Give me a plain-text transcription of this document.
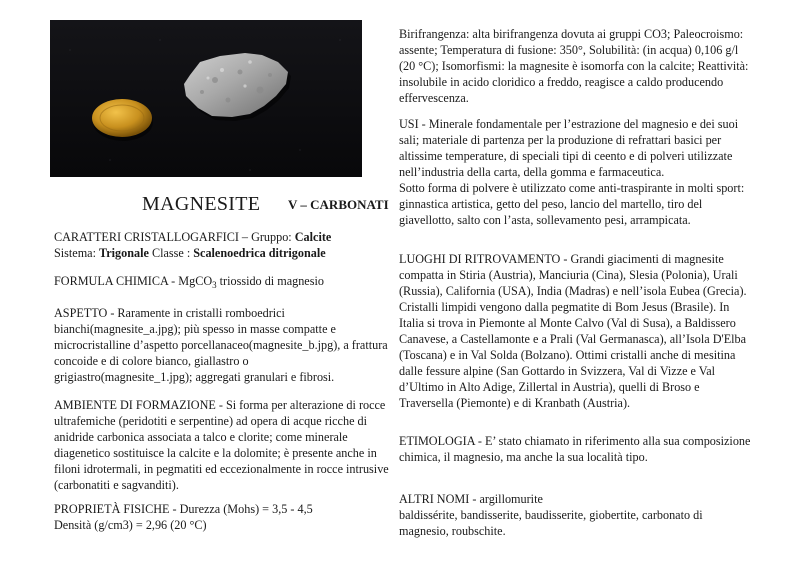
MAGNESITE V – CARBONATI

CARATTERI CRISTALLOGARFICI – Gruppo: Calcite
Sistema: Trigonale Classe : Scalenoedrica ditrigonale

FORMULA CHIMICA - MgCO$_3$ triossido di magnesio

ASPETTO - Raramente in cristalli romboedrici bianchi(magnesite_a.jpg); più spesso in masse compatte e microcristalline d’aspetto porcellanaceo(magnesite_b.jpg), a frattura concoide e di colore bianco, giallastro o grigiastro(magnesite_1.jpg); aggregati granulari e fibrosi.

AMBIENTE DI FORMAZIONE - Si forma per alterazione di rocce ultrafemiche (peridotiti e serpentine) ad opera di acque ricche di anidride carbonica associata a talco e clorite; come minerale diagenetico sostituisce la calcite e la dolomite; è presente anche in filoni idrotermali, in pegmatiti ed eccezionalmente in rocce intrusive (carbonatiti e sagvanditi).

PROPRIETÀ FISICHE - Durezza (Mohs) = 3,5 - 4,5
Densità (g/cm3) = 2,96 (20 °C)

Birifrangenza: alta birifrangenza dovuta ai gruppi CO3; Paleocroismo: assente; Temperatura di fusione: 350°, Solubilità: (in acqua) 0,106 g/l (20 °C); Isomorfismi: la magnesite è isomorfa con la calcite; Reattività: insolubile in acido cloridico a freddo, reagisce a caldo producendo effervescenza.

USI - Minerale fondamentale per l’estrazione del magnesio e dei suoi sali; materiale di partenza per la produzione di refrattari basici per altissime temperature, di speciali tipi di ceento e di polveri utilizzate nell’industria della carta, della gomma e farmaceutica.
Sotto forma di polvere è utilizzato come anti-traspirante in molti sport: ginnastica artistica, getto del peso, lancio del martello, tiro del giavellotto, salto con l’asta, sollevamento pesi, arrampicata.

LUOGHI DI RITROVAMENTO - Grandi giacimenti di magnesite compatta in Stiria (Austria), Manciuria (Cina), Slesia (Polonia), Urali (Russia), California (USA), India (Madras) e nell’isola Eubea (Grecia). Cristalli limpidi vengono dalla pegmatite di Bom Jesus (Brasile). In Italia si trova in Piemonte al Monte Calvo (Val di Susa), a Baldissero Canavese, a Castellamonte e a Prali (Val Germanasca), all’Isola D'Elba (Toscana) e in Val Solda (Bolzano). Ottimi cristalli anche di mesitina dalle fessure alpine (San Gottardo in Svizzera, Val di Vizze e Val d’Ultimo in Alto Adige, Zillertal in Austria), quelli di Broso e Traversella (Piemonte) e di Kranbath (Austria).

ETIMOLOGIA - E’ stato chiamato in riferimento alla sua composizione chimica, il magnesio, ma anche la sua località tipo.

ALTRI NOMI - argillomurite
baldissérite, bandisserite, baudisserite, giobertite, carbonato di magnesio, roubschite.
